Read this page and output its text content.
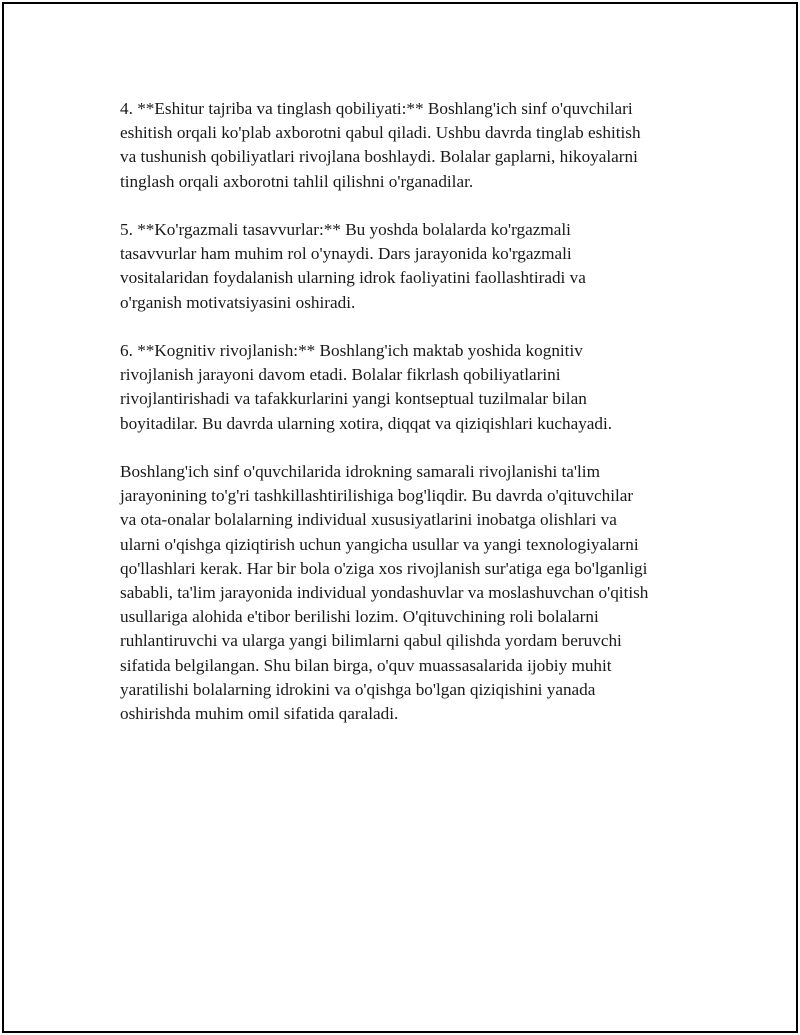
4. **Eshitur tajriba va tinglash qobiliyati:** Boshlang'ich sinf o'quvchilari
eshitish orqali ko'plab axborotni qabul qiladi. Ushbu davrda tinglab eshitish
va tushunish qobiliyatlari rivojlana boshlaydi. Bolalar gaplarni, hikoyalarni
tinglash orqali axborotni tahlil qilishni o'rganadilar.

5. **Ko'rgazmali tasavvurlar:** Bu yoshda bolalarda ko'rgazmali
tasavvurlar ham muhim rol o'ynaydi. Dars jarayonida ko'rgazmali
vositalaridan foydalanish ularning idrok faoliyatini faollashtiradi va
o'rganish motivatsiyasini oshiradi.

6. **Kognitiv rivojlanish:** Boshlang'ich maktab yoshida kognitiv
rivojlanish jarayoni davom etadi. Bolalar fikrlash qobiliyatlarini
rivojlantirishadi va tafakkurlarini yangi kontseptual tuzilmalar bilan
boyitadilar. Bu davrda ularning xotira, diqqat va qiziqishlari kuchayadi.

Boshlang'ich sinf o'quvchilarida idrokning samarali rivojlanishi ta'lim
jarayonining to'g'ri tashkillashtirilishiga bog'liqdir. Bu davrda o'qituvchilar
va ota-onalar bolalarning individual xususiyatlarini inobatga olishlari va
ularni o'qishga qiziqtirish uchun yangicha usullar va yangi texnologiyalarni
qo'llashlari kerak. Har bir bola o'ziga xos rivojlanish sur'atiga ega bo'lganligi
sababli, ta'lim jarayonida individual yondashuvlar va moslashuvchan o'qitish
usullariga alohida e'tibor berilishi lozim. O'qituvchining roli bolalarni
ruhlantiruvchi va ularga yangi bilimlarni qabul qilishda yordam beruvchi
sifatida belgilangan. Shu bilan birga, o'quv muassasalarida ijobiy muhit
yaratilishi bolalarning idrokini va o'qishga bo'lgan qiziqishini yanada
oshirishda muhim omil sifatida qaraladi.
